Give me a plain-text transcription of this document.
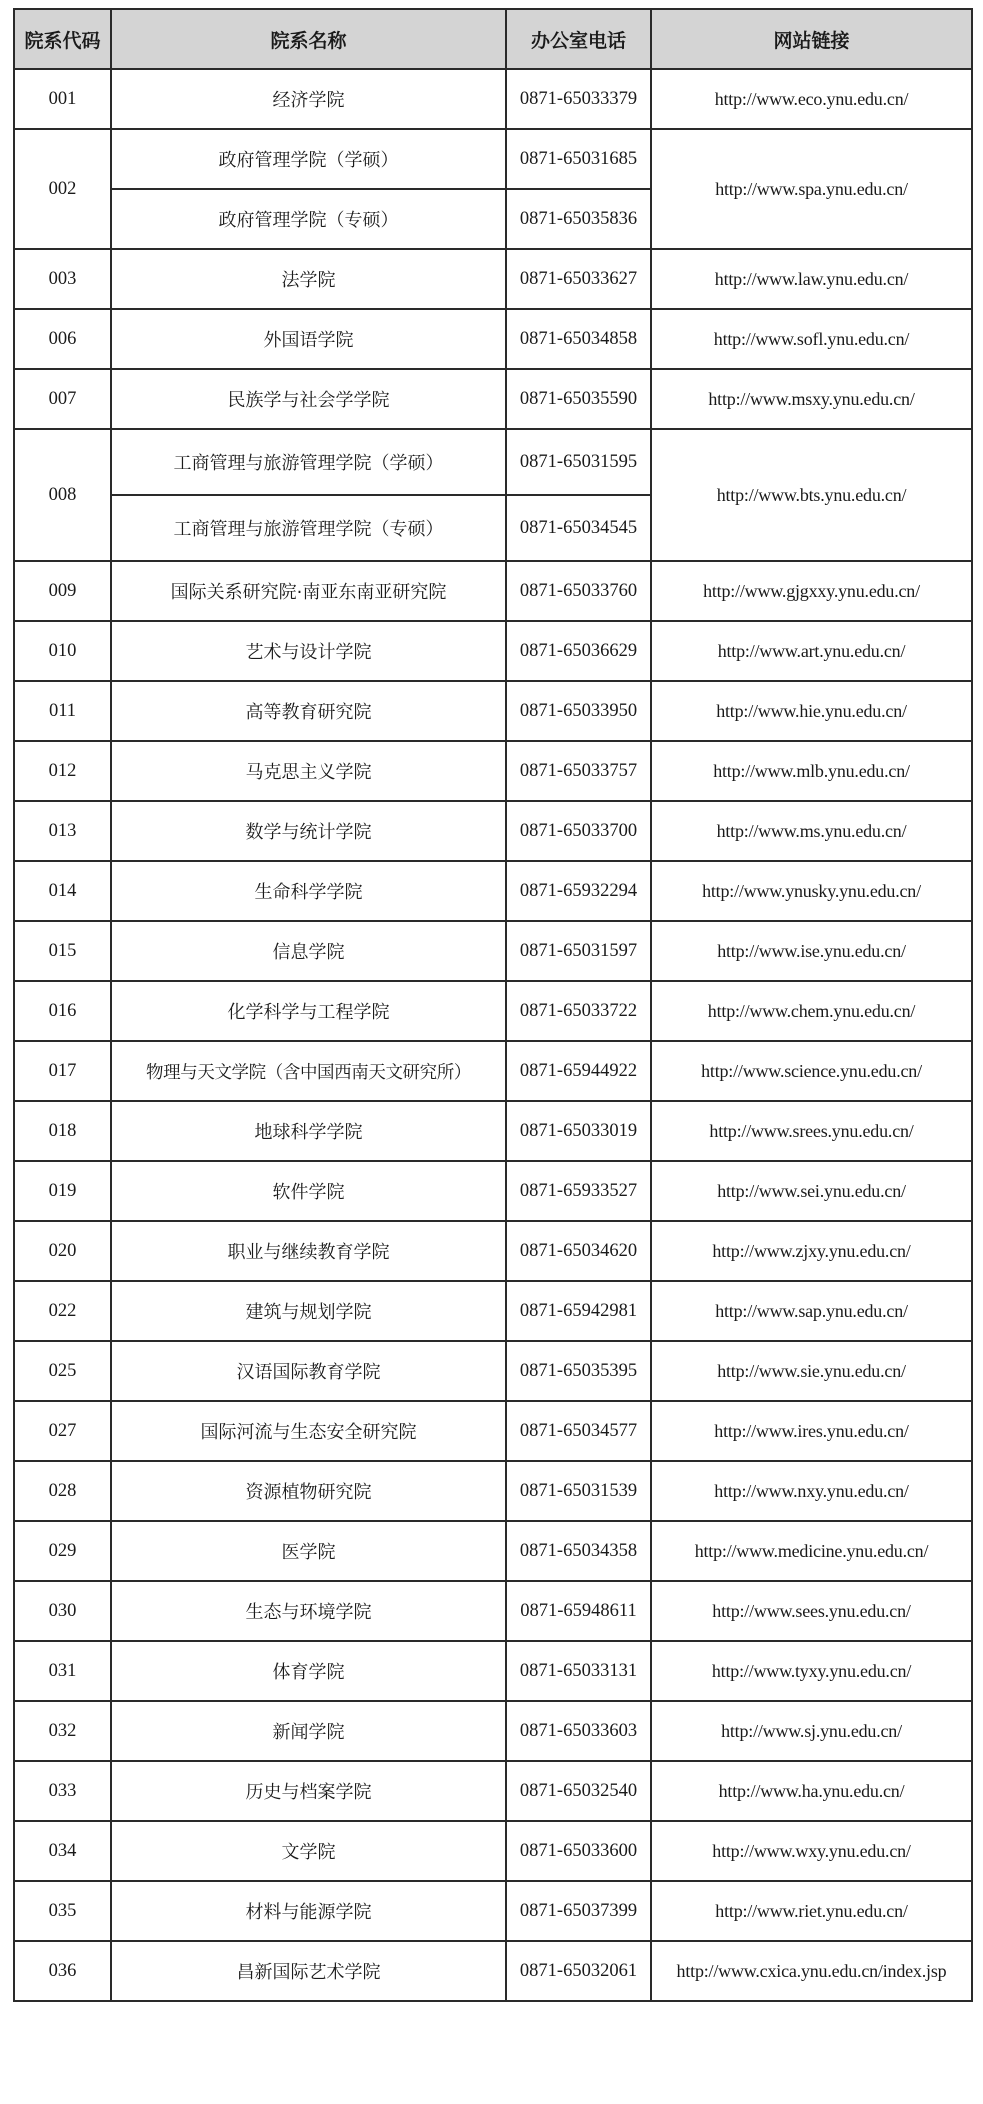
院系代码	院系名称	办公室电话	网站链接
001	经济学院	0871-65033379	http://www.eco.ynu.edu.cn/
002	政府管理学院（学硕）	0871-65031685	http://www.spa.ynu.edu.cn/
	政府管理学院（专硕）	0871-65035836	
003	法学院	0871-65033627	http://www.law.ynu.edu.cn/
006	外国语学院	0871-65034858	http://www.sofl.ynu.edu.cn/
007	民族学与社会学学院	0871-65035590	http://www.msxy.ynu.edu.cn/
008	工商管理与旅游管理学院（学硕）	0871-65031595	http://www.bts.ynu.edu.cn/
	工商管理与旅游管理学院（专硕）	0871-65034545	
009	国际关系研究院·南亚东南亚研究院	0871-65033760	http://www.gjgxxy.ynu.edu.cn/
010	艺术与设计学院	0871-65036629	http://www.art.ynu.edu.cn/
011	高等教育研究院	0871-65033950	http://www.hie.ynu.edu.cn/
012	马克思主义学院	0871-65033757	http://www.mlb.ynu.edu.cn/
013	数学与统计学院	0871-65033700	http://www.ms.ynu.edu.cn/
014	生命科学学院	0871-65932294	http://www.ynusky.ynu.edu.cn/
015	信息学院	0871-65031597	http://www.ise.ynu.edu.cn/
016	化学科学与工程学院	0871-65033722	http://www.chem.ynu.edu.cn/
017	物理与天文学院（含中国西南天文研究所）	0871-65944922	http://www.science.ynu.edu.cn/
018	地球科学学院	0871-65033019	http://www.srees.ynu.edu.cn/
019	软件学院	0871-65933527	http://www.sei.ynu.edu.cn/
020	职业与继续教育学院	0871-65034620	http://www.zjxy.ynu.edu.cn/
022	建筑与规划学院	0871-65942981	http://www.sap.ynu.edu.cn/
025	汉语国际教育学院	0871-65035395	http://www.sie.ynu.edu.cn/
027	国际河流与生态安全研究院	0871-65034577	http://www.ires.ynu.edu.cn/
028	资源植物研究院	0871-65031539	http://www.nxy.ynu.edu.cn/
029	医学院	0871-65034358	http://www.medicine.ynu.edu.cn/
030	生态与环境学院	0871-65948611	http://www.sees.ynu.edu.cn/
031	体育学院	0871-65033131	http://www.tyxy.ynu.edu.cn/
032	新闻学院	0871-65033603	http://www.sj.ynu.edu.cn/
033	历史与档案学院	0871-65032540	http://www.ha.ynu.edu.cn/
034	文学院	0871-65033600	http://www.wxy.ynu.edu.cn/
035	材料与能源学院	0871-65037399	http://www.riet.ynu.edu.cn/
036	昌新国际艺术学院	0871-65032061	http://www.cxica.ynu.edu.cn/index.jsp
